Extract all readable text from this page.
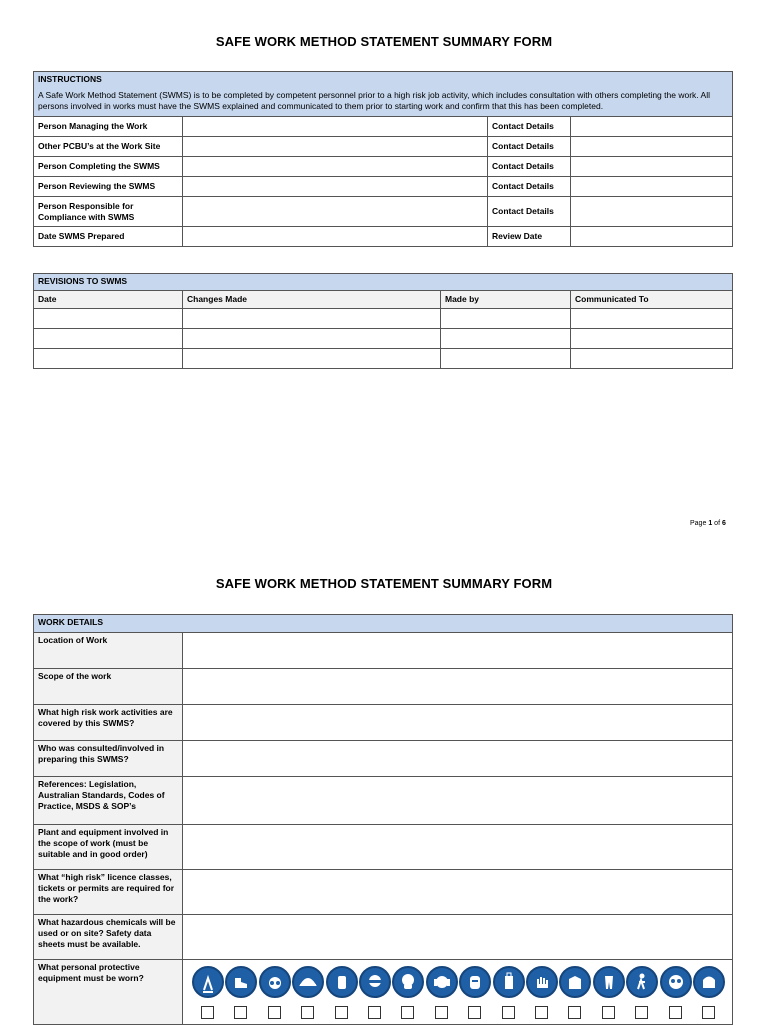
SAFE WORK METHOD STATEMENT SUMMARY FORM
INSTRUCTIONS
A Safe Work Method Statement (SWMS) is to be completed by competent personnel prior to a high risk job activity, which includes consultation with others completing the work. All persons involved in works must have the SWMS explained and communicated to them prior to starting work and confirm that this has been completed.			

Person Managing the Work		Contact Details	
Other PCBU’s at the Work Site		Contact Details	
Person Completing the SWMS		Contact Details	
Person Reviewing the SWMS		Contact Details	
Person Responsible for Compliance with SWMS		Contact Details	
Date SWMS Prepared		Review Date	
REVISIONS TO SWMS			
Date	Changes Made	Made by	Communicated To

Page 1 of 6
SAFE WORK METHOD STATEMENT SUMMARY FORM
WORK DETAILS	
Location of Work	
Scope of the work	
What high risk work activities are covered by this SWMS?	
Who was consulted/involved in preparing this SWMS?	
References: Legislation, Australian Standards, Codes of Practice, MSDS & SOP’s	
Plant and equipment involved in the scope of work (must be suitable and in good order)	
What “high risk” licence classes, tickets or permits are required for the work?	
What hazardous chemicals will be used or on site? Safety data sheets must be available.	
What personal protective equipment must be worn?	
